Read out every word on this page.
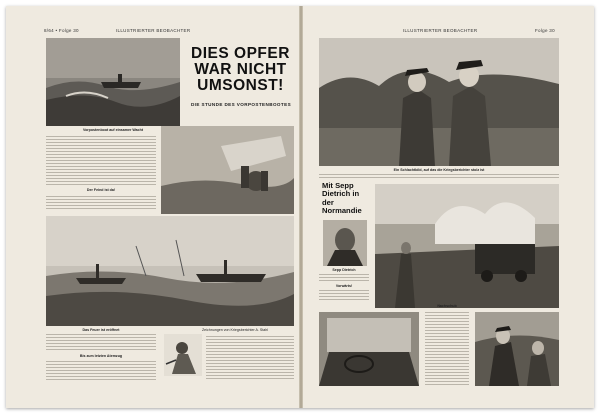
8/64 • Folge 30	ILLUSTRIERTER BEOBACHTER
DIES OPFER WAR NICHT UMSONST!
DIE STUNDE DES VORPOSTENBOOTES
Vorpostenboot auf einsamer Wacht
Der Feind ist da!
Das Feuer ist eröffnet	Zeichnungen von Kriegsberichter A. Stahl
Bis zum letzten Atemzug
ILLUSTRIERTER BEOBACHTER	Folge 30
Ein Schlachtbild, auf das die Kriegsberichter stolz ist
Mit Sepp Dietrich in der Normandie
Sepp Dietrich
Vorwärts!
Nachschub
